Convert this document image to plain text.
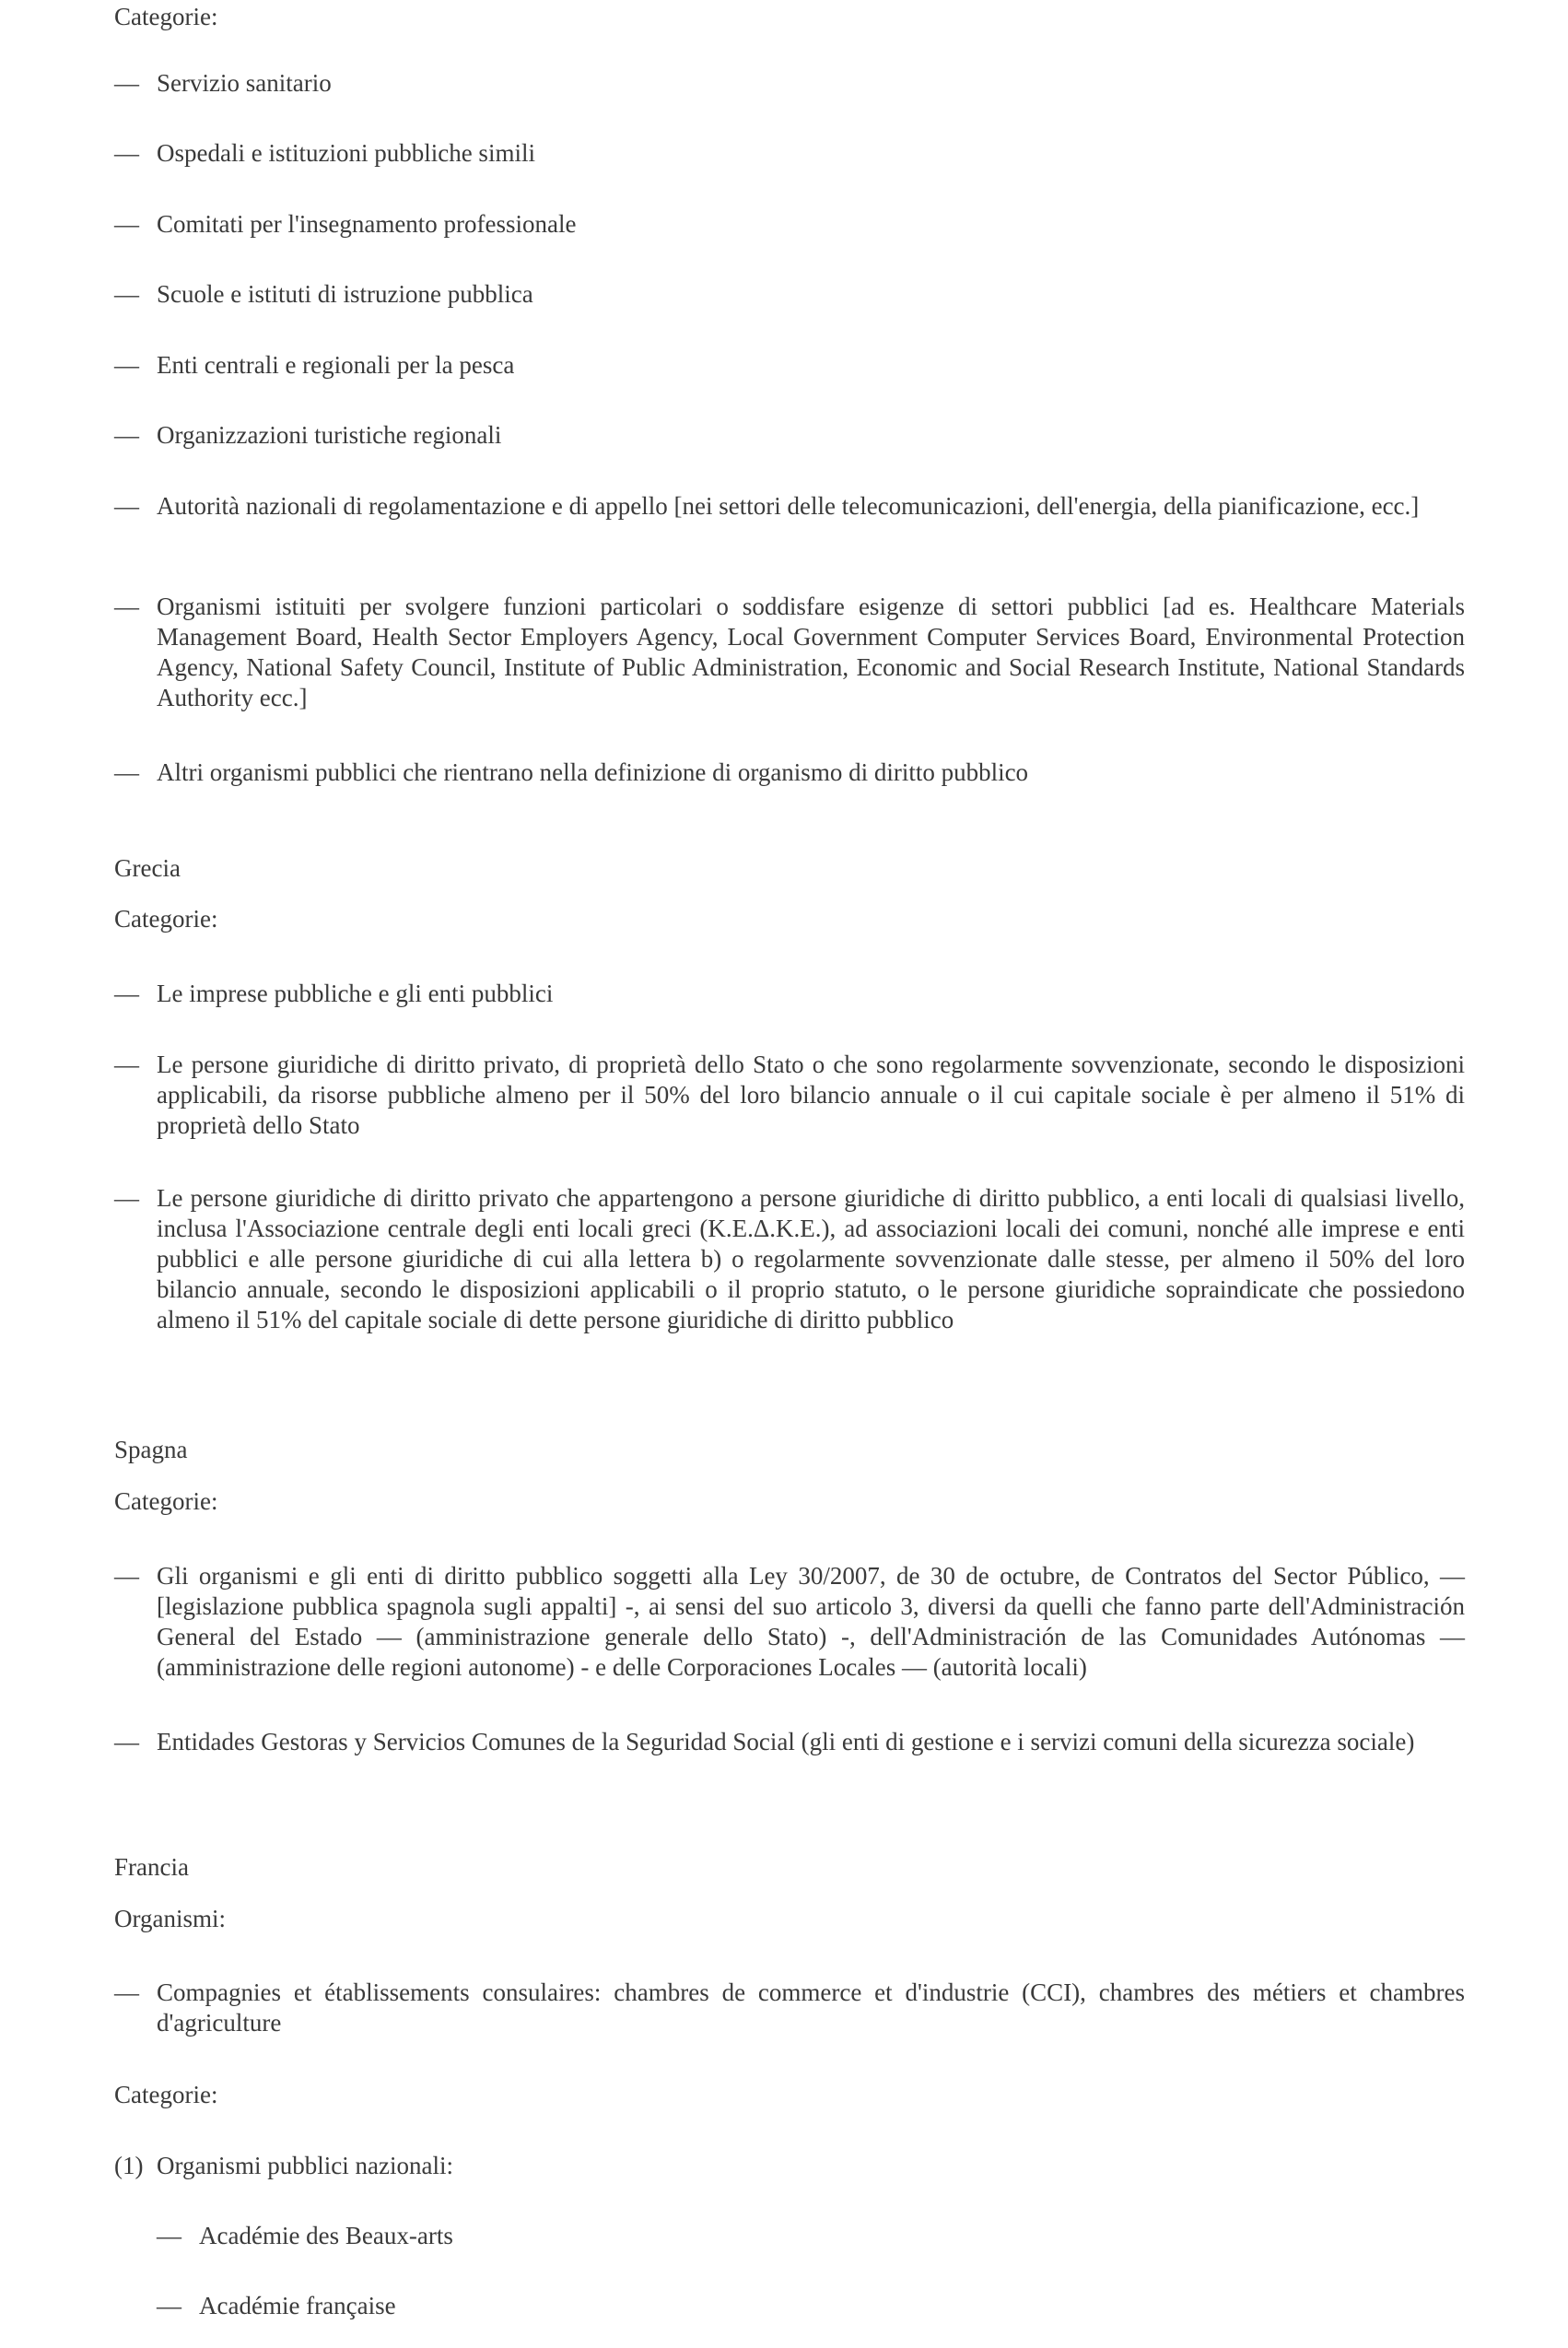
Categorie:

— Servizio sanitario
— Ospedali e istituzioni pubbliche simili
— Comitati per l'insegnamento professionale
— Scuole e istituti di istruzione pubblica
— Enti centrali e regionali per la pesca
— Organizzazioni turistiche regionali
— Autorità nazionali di regolamentazione e di appello [nei settori delle telecomunicazioni, dell'energia, della pianificazione, ecc.]
— Organismi istituiti per svolgere funzioni particolari o soddisfare esigenze di settori pubblici [ad es. Healthcare Materials Management Board, Health Sector Employers Agency, Local Government Computer Services Board, Environmental Protection Agency, National Safety Council, Institute of Public Administration, Economic and Social Research Institute, National Standards Authority ecc.]
— Altri organismi pubblici che rientrano nella definizione di organismo di diritto pubblico

Grecia

Categorie:

— Le imprese pubbliche e gli enti pubblici
— Le persone giuridiche di diritto privato, di proprietà dello Stato o che sono regolarmente sovvenzionate, secondo le disposizioni applicabili, da risorse pubbliche almeno per il 50% del loro bilancio annuale o il cui capitale sociale è per almeno il 51% di proprietà dello Stato
— Le persone giuridiche di diritto privato che appartengono a persone giuridiche di diritto pubblico, a enti locali di qualsiasi livello, inclusa l'Associazione centrale degli enti locali greci (K.E.Δ.K.E.), ad associazioni locali dei comuni, nonché alle imprese e enti pubblici e alle persone giuridiche di cui alla lettera b) o regolarmente sovvenzionate dalle stesse, per almeno il 50% del loro bilancio annuale, secondo le disposizioni applicabili o il proprio statuto, o le persone giuridiche sopraindicate che possiedono almeno il 51% del capitale sociale di dette persone giuridiche di diritto pubblico

Spagna

Categorie:

— Gli organismi e gli enti di diritto pubblico soggetti alla Ley 30/2007, de 30 de octubre, de Contratos del Sector Público, — [legislazione pubblica spagnola sugli appalti] -, ai sensi del suo articolo 3, diversi da quelli che fanno parte dell'Administración General del Estado — (amministrazione generale dello Stato) -, dell'Administración de las Comunidades Autónomas — (amministrazione delle regioni autonome) - e delle Corporaciones Locales — (autorità locali)
— Entidades Gestoras y Servicios Comunes de la Seguridad Social (gli enti di gestione e i servizi comuni della sicurezza sociale)

Francia

Organismi:

— Compagnies et établissements consulaires: chambres de commerce et d'industrie (CCI), chambres des métiers et chambres d'agriculture

Categorie:

(1) Organismi pubblici nazionali:
— Académie des Beaux-arts
— Académie française
